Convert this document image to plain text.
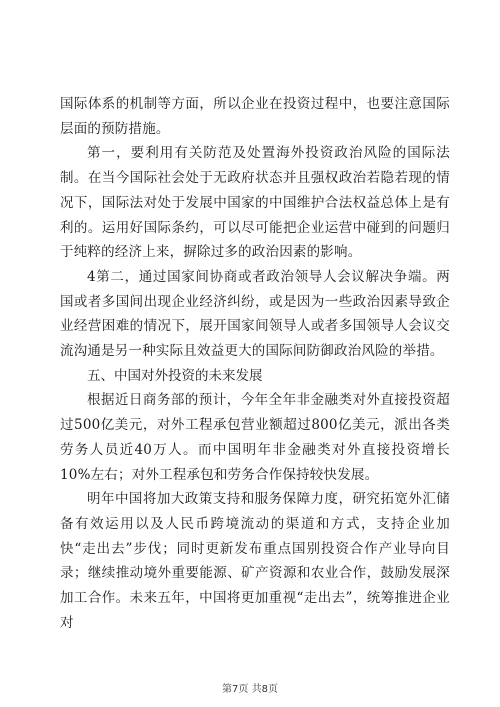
国际体系的机制等方面，所以企业在投资过程中，也要注意国际层面的预防措施。

第一，要利用有关防范及处置海外投资政治风险的国际法制。在当今国际社会处于无政府状态并且强权政治若隐若现的情况下，国际法对处于发展中国家的中国维护合法权益总体上是有利的。运用好国际条约，可以尽可能把企业运营中碰到的问题归于纯粹的经济上来，摒除过多的政治因素的影响。

4第二，通过国家间协商或者政治领导人会议解决争端。两国或者多国间出现企业经济纠纷，或是因为一些政治因素导致企业经营困难的情况下，展开国家间领导人或者多国领导人会议交流沟通是另一种实际且效益更大的国际间防御政治风险的举措。

五、中国对外投资的未来发展

根据近日商务部的预计，今年全年非金融类对外直接投资超过500亿美元，对外工程承包营业额超过800亿美元，派出各类劳务人员近40万人。而中国明年非金融类对外直接投资增长10%左右；对外工程承包和劳务合作保持较快发展。

明年中国将加大政策支持和服务保障力度，研究拓宽外汇储备有效运用以及人民币跨境流动的渠道和方式，支持企业加快“走出去”步伐；同时更新发布重点国别投资合作产业导向目录；继续推动境外重要能源、矿产资源和农业合作，鼓励发展深加工合作。未来五年，中国将更加重视“走出去”，统筹推进企业对

第7页 共8页
